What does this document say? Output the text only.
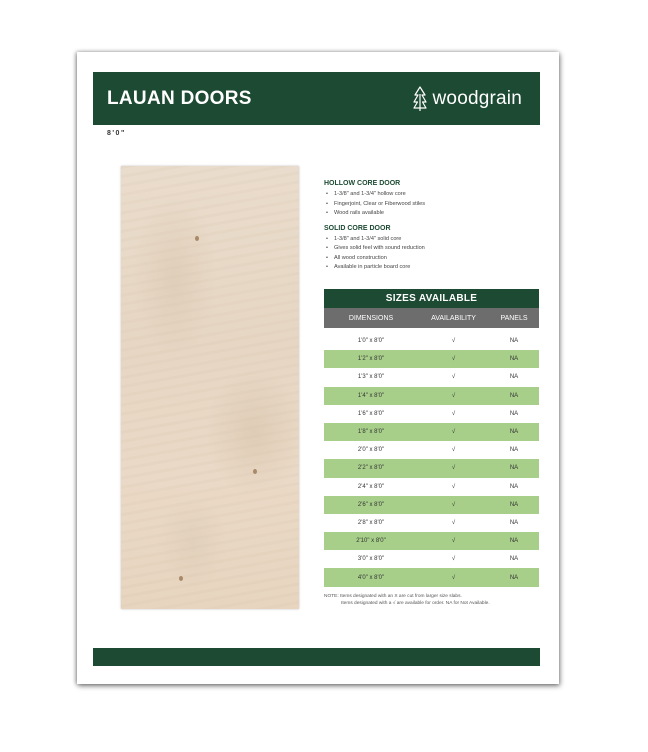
LAUAN DOORS	woodgrain
8'0"
HOLLOW CORE DOOR
• 1-3/8" and 1-3/4" hollow core
• Fingerjoint, Clear or Fiberwood stiles
• Wood rails available
SOLID CORE DOOR
• 1-3/8" and 1-3/4" solid core
• Gives solid feel with sound reduction
• All wood construction
• Available in particle board core
SIZES AVAILABLE
DIMENSIONS	AVAILABILITY	PANELS
1'0" x 8'0"	√	NA
1'2" x 8'0"	√	NA
1'3" x 8'0"	√	NA
1'4" x 8'0"	√	NA
1'6" x 8'0"	√	NA
1'8" x 8'0"	√	NA
2'0" x 8'0"	√	NA
2'2" x 8'0"	√	NA
2'4" x 8'0"	√	NA
2'6" x 8'0"	√	NA
2'8" x 8'0"	√	NA
2'10" x 8'0"	√	NA
3'0" x 8'0"	√	NA
4'0" x 8'0"	√	NA
NOTE: Items designated with an X are cut from larger size slabs.
Items designated with a √ are available for order. NA for Not Available.
